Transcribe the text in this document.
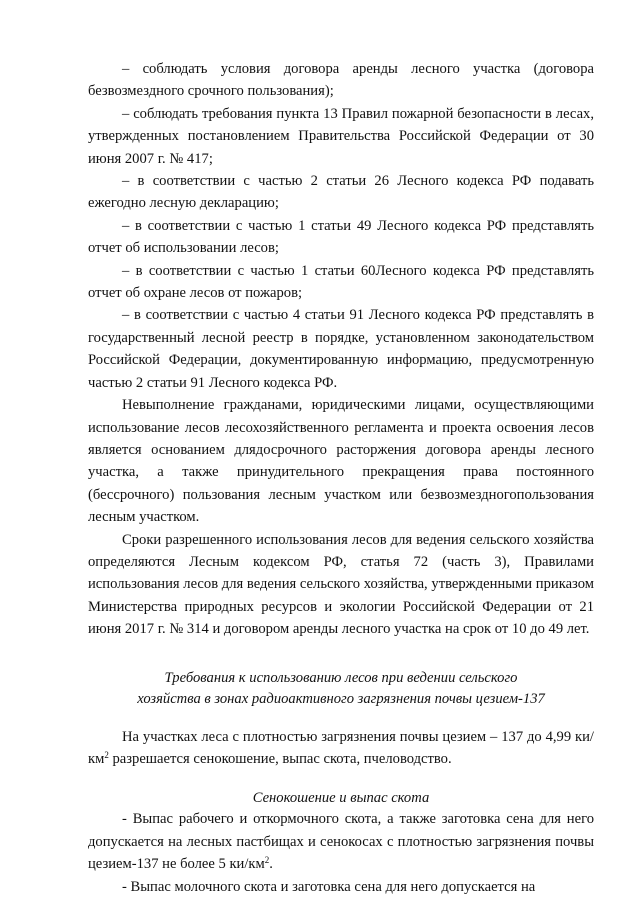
– соблюдать условия договора аренды лесного участка (договора безвозмездного срочного пользования);

– соблюдать требования пункта 13 Правил пожарной безопасности в лесах, утвержденных постановлением Правительства Российской Федерации от 30 июня 2007 г. № 417;

– в соответствии с частью 2 статьи 26 Лесного кодекса РФ подавать ежегодно лесную декларацию;

– в соответствии с частью 1 статьи 49 Лесного кодекса РФ представлять отчет об использовании лесов;

– в соответствии с частью 1 статьи 60Лесного кодекса РФ представлять отчет об охране лесов от пожаров;

– в соответствии с частью 4 статьи 91 Лесного кодекса РФ представлять в государственный лесной реестр в порядке, установленном законодательством Российской Федерации, документированную информацию, предусмотренную частью 2 статьи 91 Лесного кодекса РФ.

Невыполнение гражданами, юридическими лицами, осуществляющими использование лесов лесохозяйственного регламента и проекта освоения лесов является основанием длядосрочного расторжения договора аренды лесного участка, а также принудительного прекращения права постоянного (бессрочного) пользования лесным участком или безвозмездногопользования лесным участком.

Сроки разрешенного использования лесов для ведения сельского хозяйства определяются Лесным кодексом РФ, статья 72 (часть 3), Правилами использования лесов для ведения сельского хозяйства, утвержденными приказом Министерства природных ресурсов и экологии Российской Федерации от 21 июня 2017 г. № 314 и договором аренды лесного участка на срок от 10 до 49 лет.

Требования к использованию лесов при ведении сельского
хозяйства в зонах радиоактивного загрязнения почвы цезием-137

На участках леса с плотностью загрязнения почвы цезием – 137 до 4,99 $ки/км^2$ разрешается сенокошение, выпас скота, пчеловодство.

Сенокошение и выпас скота

- Выпас рабочего и откормочного скота, а также заготовка сена для него допускается на лесных пастбищах и сенокосах с плотностью загрязнения почвы цезием-137 не более 5 $ки/км^2$.

- Выпас молочного скота и заготовка сена для него допускается на
